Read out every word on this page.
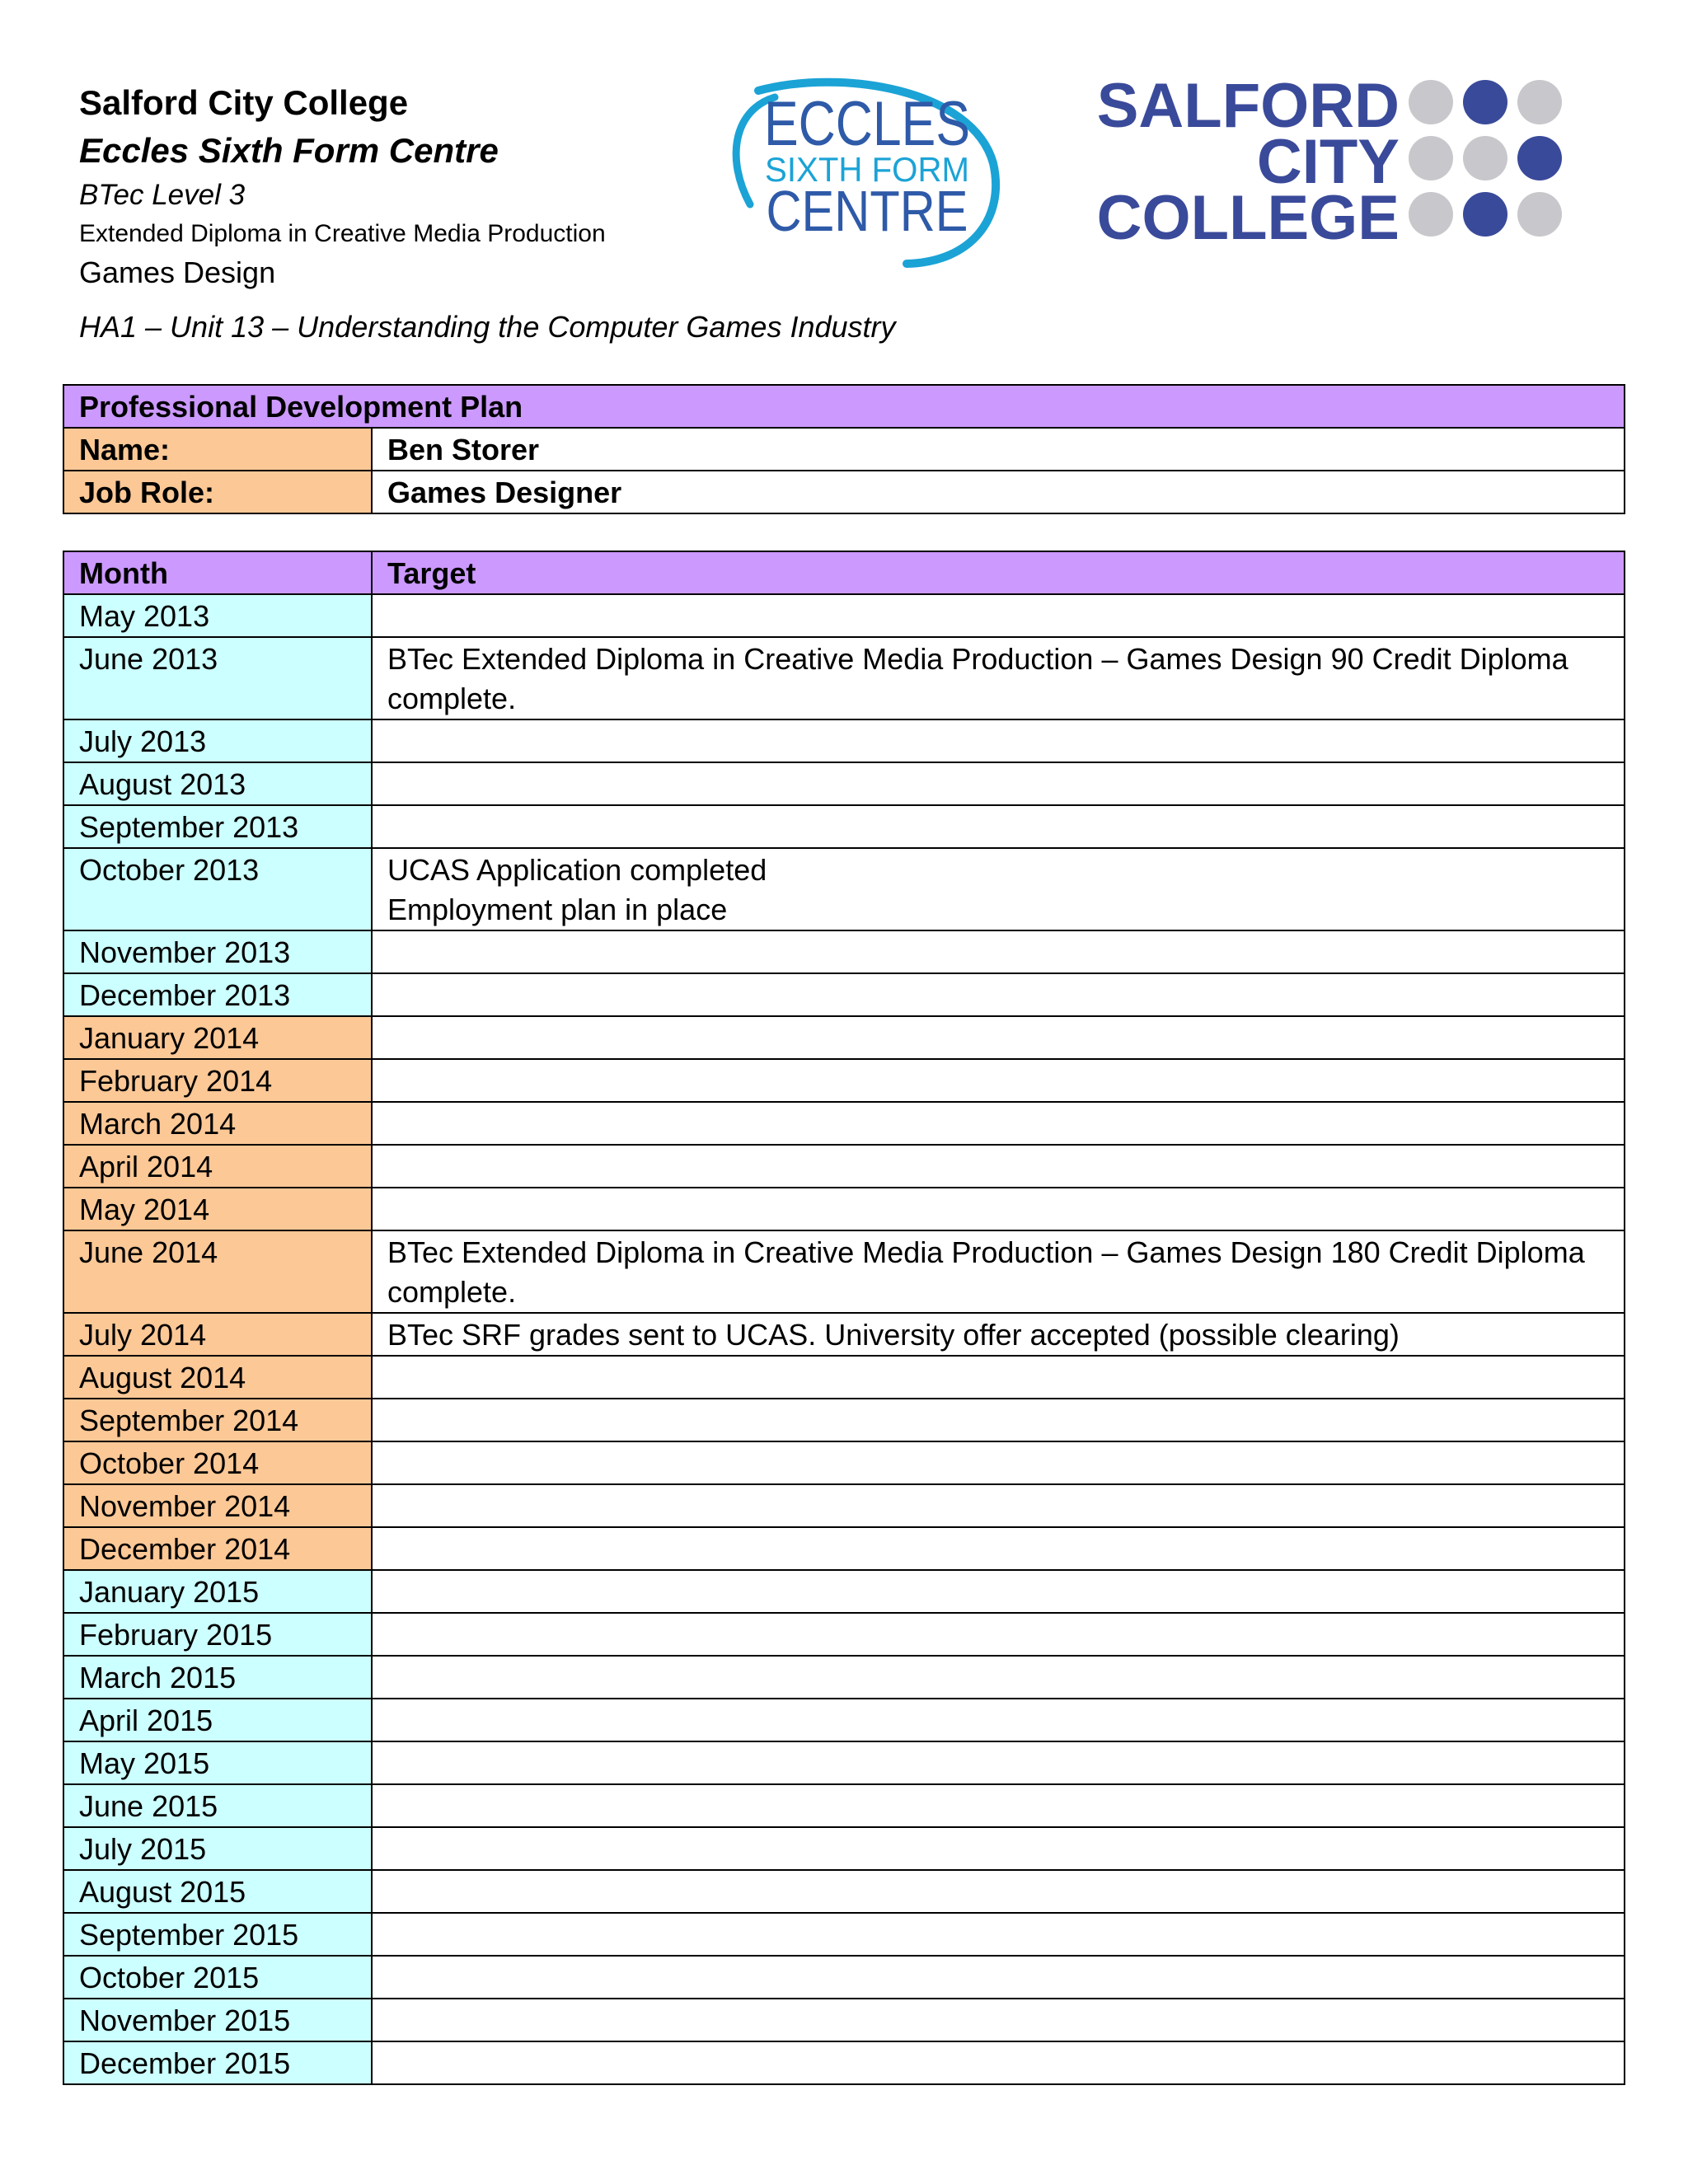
Salford City College
Eccles Sixth Form Centre
BTec Level 3
Extended Diploma in Creative Media Production
Games Design
HA1 – Unit 13 – Understanding the Computer Games Industry
ECCLES
SIXTH FORM
CENTRE
SALFORD
CITY
COLLEGE
Professional Development Plan	
Name:	Ben Storer
Job Role:	Games Designer
Month	Target
May 2013	

June 2013	BTec Extended Diploma in Creative Media Production – Games Design 90 Credit Diploma complete.

July 2013	

August 2013	

September 2013	

October 2013	UCAS Application completed
Employment plan in place

November 2013	

December 2013	

January 2014	

February 2014	

March 2014	

April 2014	

May 2014	

June 2014	BTec Extended Diploma in Creative Media Production – Games Design 180 Credit Diploma complete.

July 2014	BTec SRF grades sent to UCAS. University offer accepted (possible clearing)

August 2014	

September 2014	

October 2014	

November 2014	

December 2014	

January 2015	

February 2015	

March 2015	

April 2015	

May 2015	

June 2015	

July 2015	

August 2015	

September 2015	

October 2015	

November 2015	

December 2015	
